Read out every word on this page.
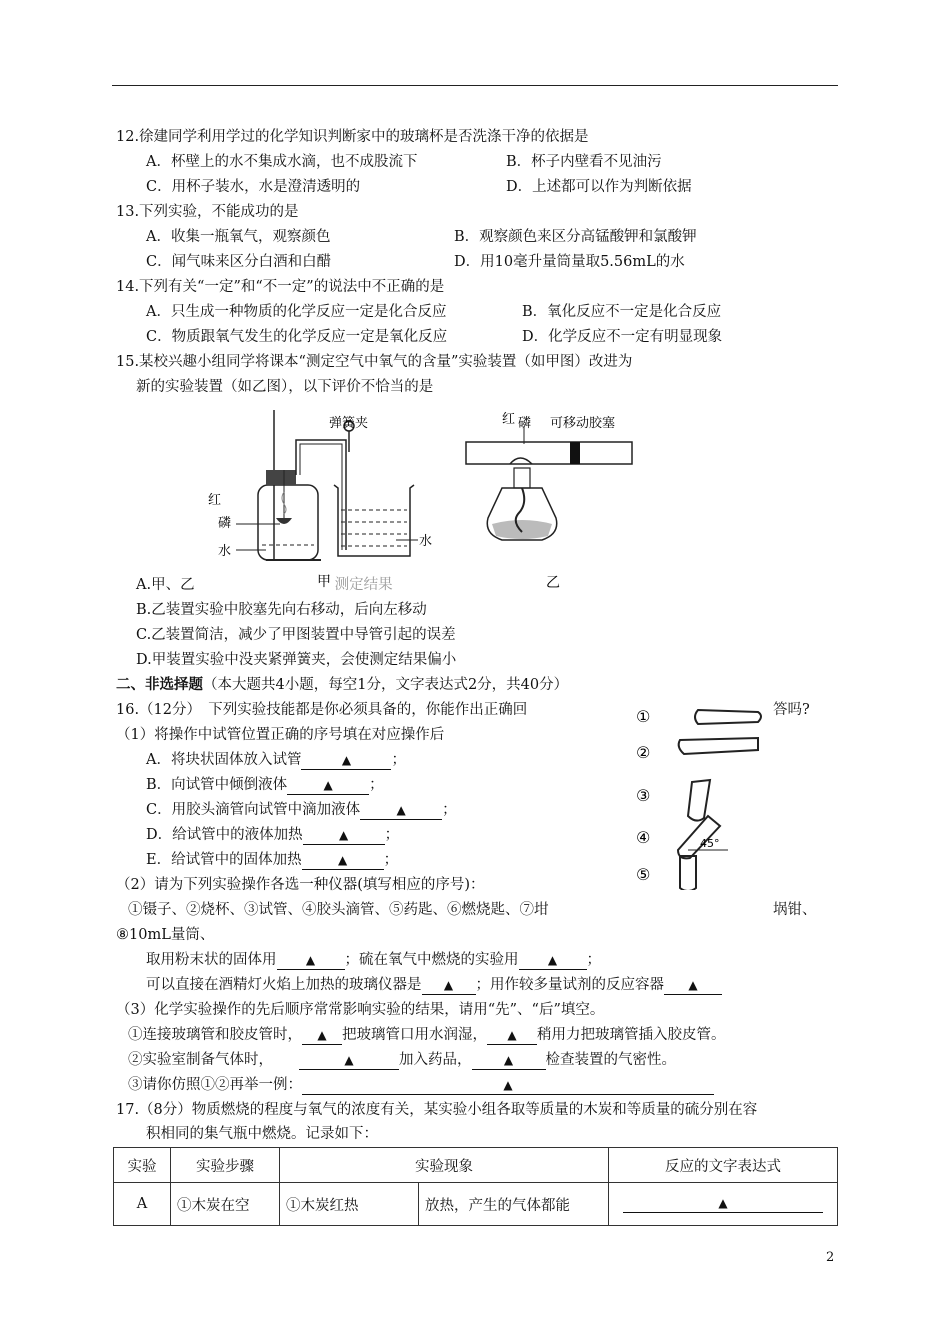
12.徐建同学利用学过的化学知识判断家中的玻璃杯是否洗涤干净的依据是
A．杯壁上的水不集成水滴，也不成股流下	B．杯子内壁看不见油污
C．用杯子装水，水是澄清透明的	D．上述都可以作为判断依据
13.下列实验，不能成功的是
A．收集一瓶氧气，观察颜色	B．观察颜色来区分高锰酸钾和氯酸钾
C．闻气味来区分白酒和白醋	D．用10毫升量筒量取5.56mL的水
14.下列有关“一定”和“不一定”的说法中不正确的是
A．只生成一种物质的化学反应一定是化合反应	B．氧化反应不一定是化合反应
C．物质跟氧气发生的化学反应一定是氧化反应	D．化学反应不一定有明显现象
15.某校兴趣小组同学将课本“测定空气中氧气的含量”实验装置（如甲图）改进为
新的实验装置（如乙图），以下评价不恰当的是
弹簧夹
红
磷
水
水
甲
红 磷 可移动胶塞
乙
A.甲、乙	测定结果
B.乙装置实验中胶塞先向右移动，后向左移动
C.乙装置简洁，减少了甲图装置中导管引起的误差
D.甲装置实验中没夹紧弹簧夹，会使测定结果偏小
二、非选择题（本大题共4小题，每空1分，文字表达式2分，共40分）
16.（12分）　下列实验技能都是你必须具备的，你能作出正确回	答吗?
（1）将操作中试管位置正确的序号填在对应操作后
A．将块状固体放入试管	▲	；
B．向试管中倾倒液体	▲	；
C．用胶头滴管向试管中滴加液体	▲	；
D．给试管中的液体加热	▲	；
E．给试管中的固体加热	▲	；
①
②
③
④	45°
⑤
（2）请为下列实验操作各选一种仪器(填写相应的序号)：
①镊子、②烧杯、③试管、④胶头滴管、⑤药匙、⑥燃烧匙、⑦坩	埚钳、
⑧10mL量筒、
取用粉末状的固体用 ▲ ；硫在氧气中燃烧的实验用 ▲ ；
可以直接在酒精灯火焰上加热的玻璃仪器是 ▲ ；用作较多量试剂的反应容器 ▲
（3）化学实验操作的先后顺序常常影响实验的结果，请用“先”、“后”填空。
①连接玻璃管和胶皮管时， ▲ 把玻璃管口用水润湿， ▲ 稍用力把玻璃管插入胶皮管。
②实验室制备气体时，	▲	加入药品，	▲ 检查装置的气密性。
③请你仿照①②再举一例：	▲
17.（8分）物质燃烧的程度与氧气的浓度有关，某实验小组各取等质量的木炭和等质量的硫分别在容
积相同的集气瓶中燃烧。记录如下：
实验	实验步骤	实验现象		反应的文字表达式
A	①木炭在空	①木炭红热	放热，产生的气体都能	▲
2
